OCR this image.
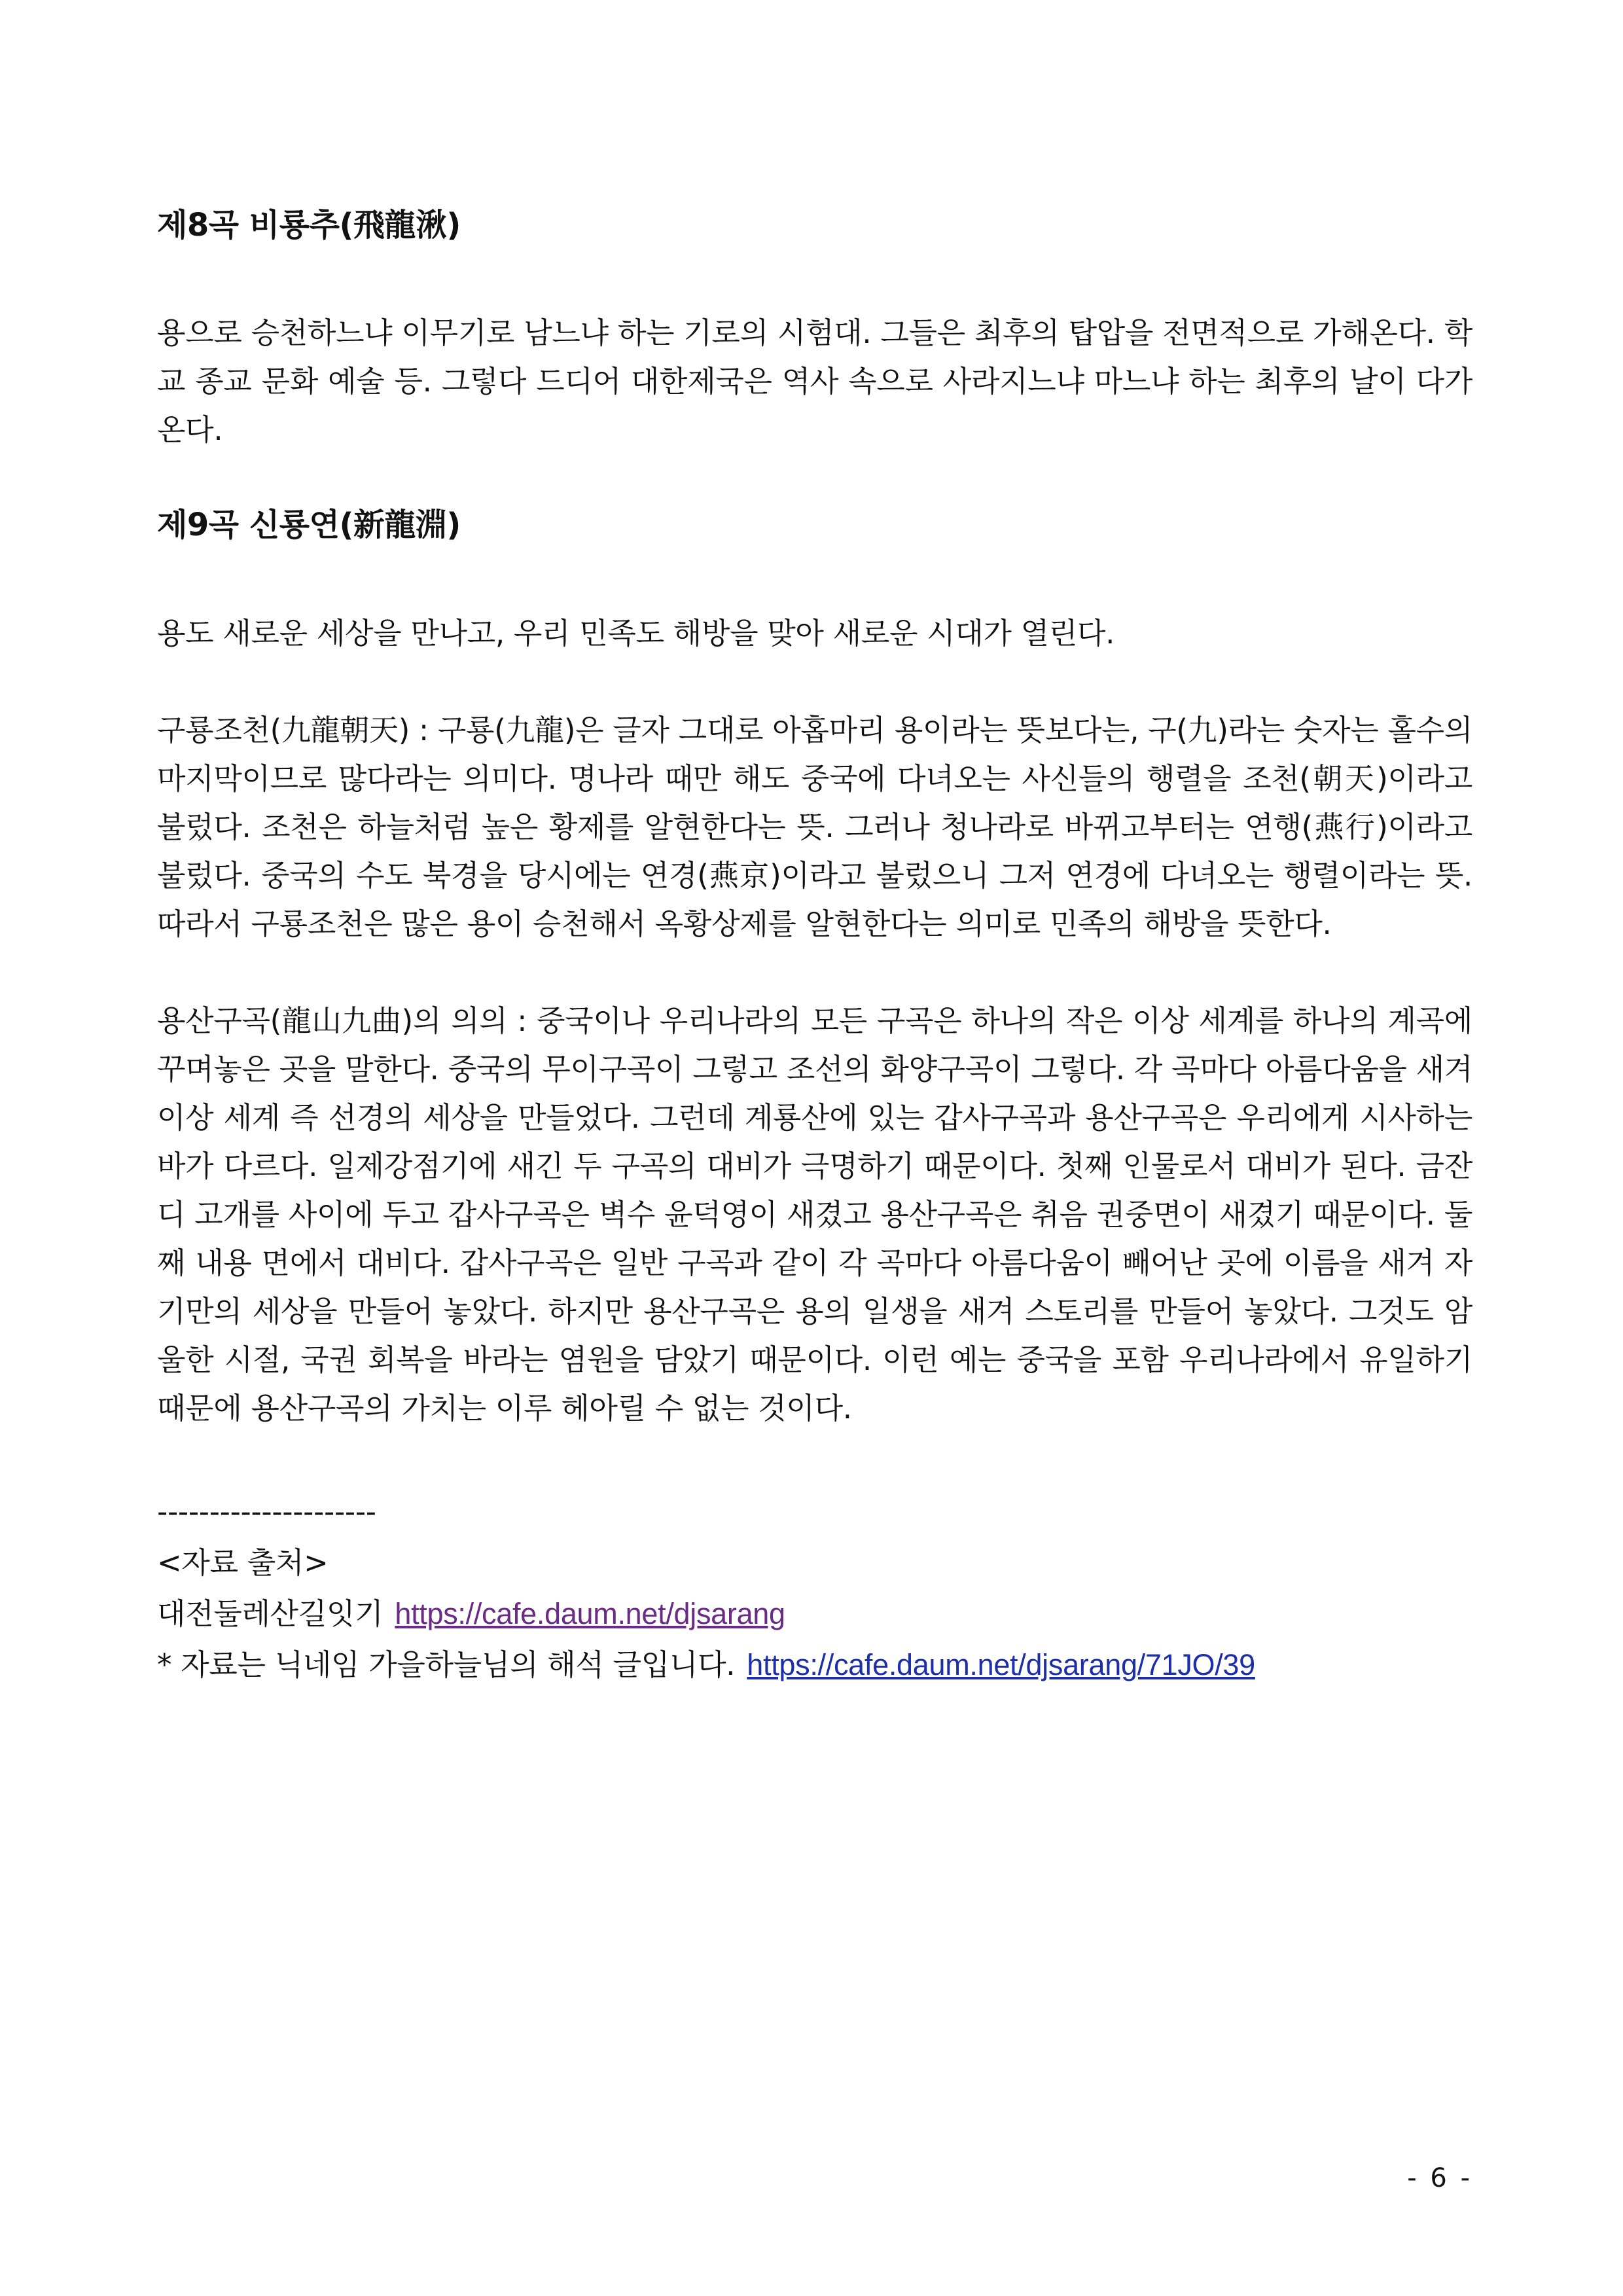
제8곡 비룡추(飛龍湫)

용으로 승천하느냐 이무기로 남느냐 하는 기로의 시험대. 그들은 최후의 탑압을 전면적으로 가해온다. 학교 종교 문화 예술 등. 그렇다 드디어 대한제국은 역사 속으로 사라지느냐 마느냐 하는 최후의 날이 다가온다.

제9곡 신룡연(新龍淵)

용도 새로운 세상을 만나고, 우리 민족도 해방을 맞아 새로운 시대가 열린다.

구룡조천(九龍朝天) : 구룡(九龍)은 글자 그대로 아홉마리 용이라는 뜻보다는, 구(九)라는 숫자는 홀수의 마지막이므로 많다라는 의미다. 명나라 때만 해도 중국에 다녀오는 사신들의 행렬을 조천(朝天)이라고 불렀다. 조천은 하늘처럼 높은 황제를 알현한다는 뜻. 그러나 청나라로 바뀌고부터는 연행(燕行)이라고 불렀다. 중국의 수도 북경을 당시에는 연경(燕京)이라고 불렀으니 그저 연경에 다녀오는 행렬이라는 뜻. 따라서 구룡조천은 많은 용이 승천해서 옥황상제를 알현한다는 의미로 민족의 해방을 뜻한다.

용산구곡(龍山九曲)의 의의 : 중국이나 우리나라의 모든 구곡은 하나의 작은 이상 세계를 하나의 계곡에 꾸며놓은 곳을 말한다. 중국의 무이구곡이 그렇고 조선의 화양구곡이 그렇다. 각 곡마다 아름다움을 새겨 이상 세계 즉 선경의 세상을 만들었다. 그런데 계룡산에 있는 갑사구곡과 용산구곡은 우리에게 시사하는 바가 다르다. 일제강점기에 새긴 두 구곡의 대비가 극명하기 때문이다. 첫째 인물로서 대비가 된다. 금잔디 고개를 사이에 두고 갑사구곡은 벽수 윤덕영이 새겼고 용산구곡은 취음 권중면이 새겼기 때문이다. 둘째 내용 면에서 대비다. 갑사구곡은 일반 구곡과 같이 각 곡마다 아름다움이 빼어난 곳에 이름을 새겨 자기만의 세상을 만들어 놓았다. 하지만 용산구곡은 용의 일생을 새겨 스토리를 만들어 놓았다. 그것도 암울한 시절, 국권 회복을 바라는 염원을 담았기 때문이다. 이런 예는 중국을 포함 우리나라에서 유일하기 때문에 용산구곡의 가치는 이루 헤아릴 수 없는 것이다.

---------------------
<자료 출처>
대전둘레산길잇기 https://cafe.daum.net/djsarang
* 자료는 닉네임 가을하늘님의 해석 글입니다. https://cafe.daum.net/djsarang/71JO/39
- 6 -
